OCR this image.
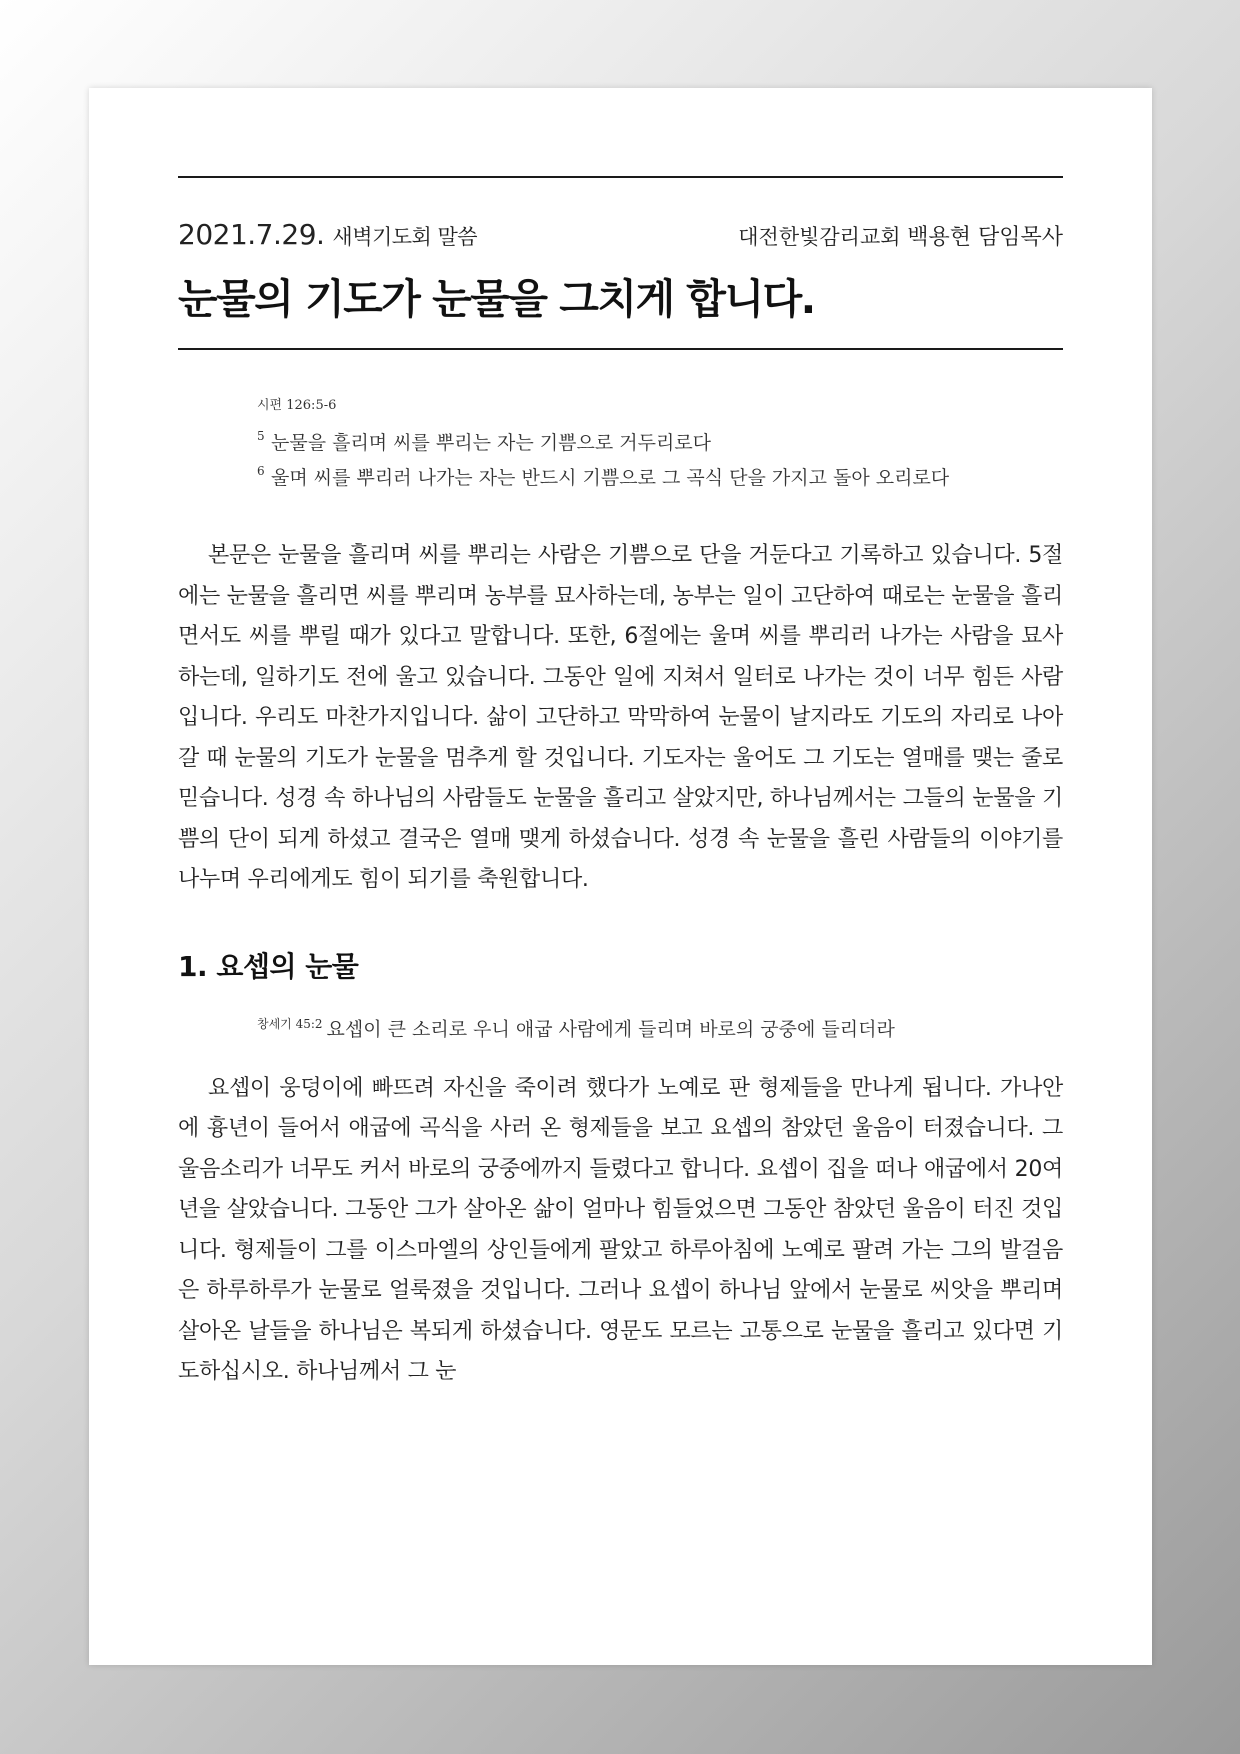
2021.7.29. 새벽기도회 말씀	대전한빛감리교회 백용현 담임목사
눈물의 기도가 눈물을 그치게 합니다.
시편 126:5-6
5 눈물을 흘리며 씨를 뿌리는 자는 기쁨으로 거두리로다
6 울며 씨를 뿌리러 나가는 자는 반드시 기쁨으로 그 곡식 단을 가지고 돌아 오리로다

본문은 눈물을 흘리며 씨를 뿌리는 사람은 기쁨으로 단을 거둔다고 기록하고 있습니다. 5절에는 눈물을 흘리면 씨를 뿌리며 농부를 묘사하는데, 농부는 일이 고단하여 때로는 눈물을 흘리면서도 씨를 뿌릴 때가 있다고 말합니다. 또한, 6절에는 울며 씨를 뿌리러 나가는 사람을 묘사하는데, 일하기도 전에 울고 있습니다. 그동안 일에 지쳐서 일터로 나가는 것이 너무 힘든 사람입니다. 우리도 마찬가지입니다. 삶이 고단하고 막막하여 눈물이 날지라도 기도의 자리로 나아갈 때 눈물의 기도가 눈물을 멈추게 할 것입니다. 기도자는 울어도 그 기도는 열매를 맺는 줄로 믿습니다. 성경 속 하나님의 사람들도 눈물을 흘리고 살았지만, 하나님께서는 그들의 눈물을 기쁨의 단이 되게 하셨고 결국은 열매 맺게 하셨습니다. 성경 속 눈물을 흘린 사람들의 이야기를 나누며 우리에게도 힘이 되기를 축원합니다.

1. 요셉의 눈물
$^{창세기 45:2}$ 요셉이 큰 소리로 우니 애굽 사람에게 들리며 바로의 궁중에 들리더라

요셉이 웅덩이에 빠뜨려 자신을 죽이려 했다가 노예로 판 형제들을 만나게 됩니다. 가나안에 흉년이 들어서 애굽에 곡식을 사러 온 형제들을 보고 요셉의 참았던 울음이 터졌습니다. 그 울음소리가 너무도 커서 바로의 궁중에까지 들렸다고 합니다. 요셉이 집을 떠나 애굽에서 20여 년을 살았습니다. 그동안 그가 살아온 삶이 얼마나 힘들었으면 그동안 참았던 울음이 터진 것입니다. 형제들이 그를 이스마엘의 상인들에게 팔았고 하루아침에 노예로 팔려 가는 그의 발걸음은 하루하루가 눈물로 얼룩졌을 것입니다. 그러나 요셉이 하나님 앞에서 눈물로 씨앗을 뿌리며 살아온 날들을 하나님은 복되게 하셨습니다. 영문도 모르는 고통으로 눈물을 흘리고 있다면 기도하십시오. 하나님께서 그 눈
